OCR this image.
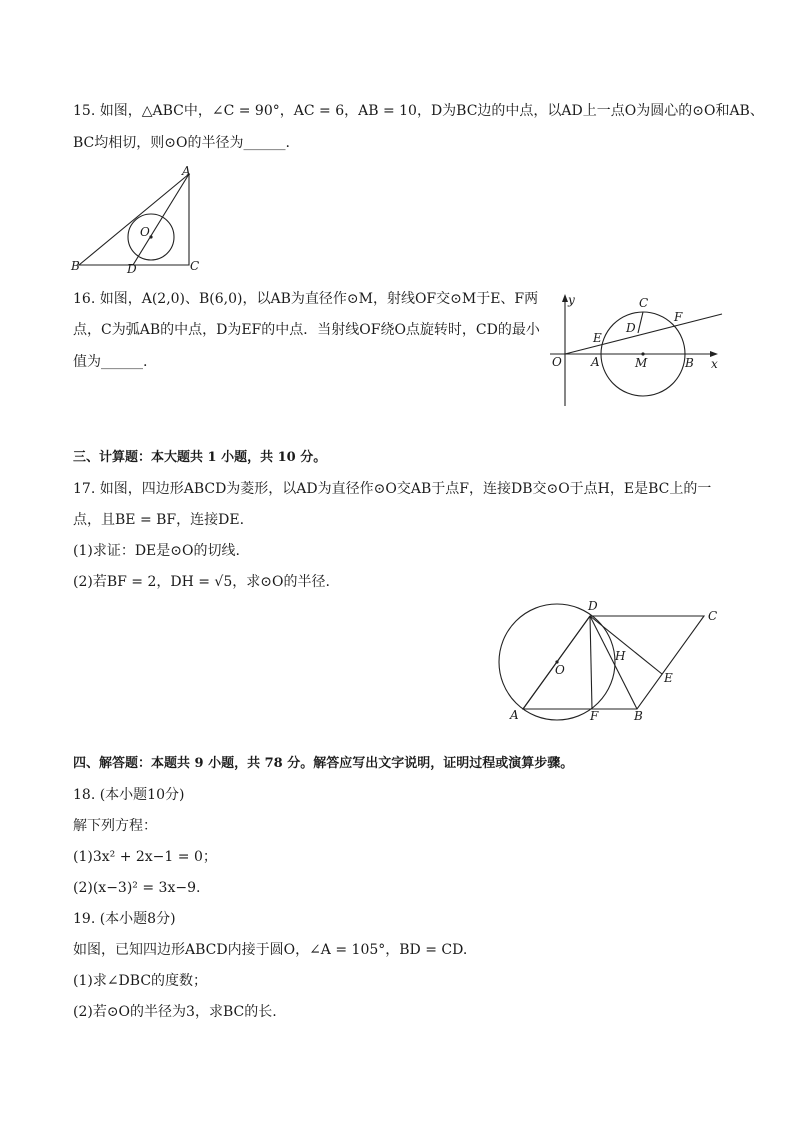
15. 如图，△ABC中，∠C = 90°，AC = 6，AB = 10，D为BC边的中点，以AD上一点O为圆心的⊙O和AB、
BC均相切，则⊙O的半径为______.
A
B	C
D
O
16. 如图，A(2,0)、B(6,0)，以AB为直径作⊙M，射线OF交⊙M于E、F两
点，C为弧AB的中点，D为EF的中点．当射线OF绕O点旋转时，CD的最小
值为______.
y
x
O A	M	B
C
D
E
F
三、计算题：本大题共 1 小题，共 10 分。
17. 如图，四边形ABCD为菱形，以AD为直径作⊙O交AB于点F，连接DB交⊙O于点H，E是BC上的一
点，且BE = BF，连接DE.
(1)求证：DE是⊙O的切线.
(2)若BF = 2，DH = √5，求⊙O的半径.
A	B
C
D
E
F
H
O
四、解答题：本题共 9 小题，共 78 分。解答应写出文字说明，证明过程或演算步骤。
18. (本小题10分)
解下列方程：
(1)3x² + 2x−1 = 0；
(2)(x−3)² = 3x−9.
19. (本小题8分)
如图，已知四边形ABCD内接于圆O，∠A = 105°，BD = CD.
(1)求∠DBC的度数；
(2)若⊙O的半径为3，求BC的长.
